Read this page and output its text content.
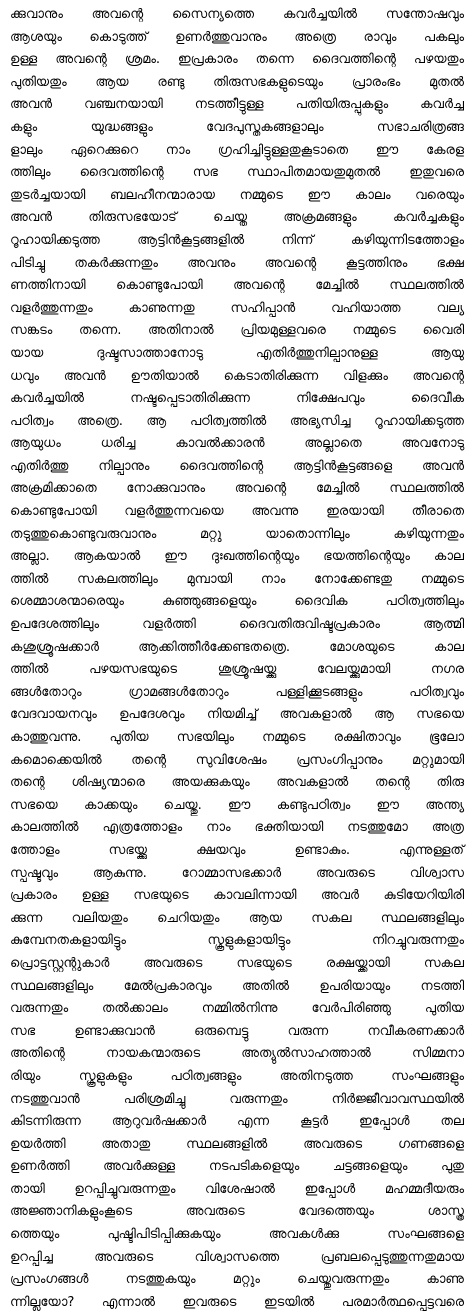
ക്കുവാനും അവന്റെ സൈന്യത്തെ കവർച്ചയിൽ സന്തോഷവും
ആശയും കൊടുത്ത് ഉണർത്തുവാനും അത്രെ രാവും പകലും
ഉള്ള അവന്റെ ശ്രമം. ഇപ്രകാരം തന്നെ ദൈവത്തിന്റെ പഴയതും
പുതിയതും ആയ രണ്ടു തിരുസഭകളുടെയും പ്രാരംഭം മുതൽ
അവൻ വഞ്ചനയായി നടത്തീട്ടുള്ള പതിയിരുപ്പുകളും കവർച്ച
കളും യുദ്ധങ്ങളും വേദപുസ്തകങ്ങളാലും സഭാചരിത്രങ്ങ
ളാലും ഏറെക്കുറെ നാം ഗ്രഹിച്ചിട്ടുള്ളതുകൂടാതെ ഈ കേരള
ത്തിലും ദൈവത്തിന്റെ സഭ സ്ഥാപിതമായതുമുതൽ ഇതുവരെ
തുടർച്ചയായി ബലഹീനന്മാരായ നമ്മുടെ ഈ കാലം വരെയും
അവൻ തിരുസഭയോട് ചെയ്ത അക്രമങ്ങളും കവർച്ചകളും
റൂഹായിക്കടുത്ത ആട്ടിൻകൂട്ടങ്ങളിൽ നിന്ന് കഴിയുന്നിടത്തോളം
പിടിച്ചു തകർക്കുന്നതും അവനും അവന്റെ കൂട്ടത്തിനും ഭക്ഷ
ണത്തിനായി കൊണ്ടുപോയി അവന്റെ മേച്ചിൽ സ്ഥലത്തിൽ
വളർത്തുന്നതും കാണുന്നതു സഹിപ്പാൻ വഹിയാത്ത വല്യ
സങ്കടം തന്നെ. അതിനാൽ പ്രിയമുള്ളവരെ നമ്മുടെ വൈരി
യായ ദുഷ്ടസാത്താനോടു എതിർത്തുനില്പാനുള്ള ആയു
ധവും അവൻ ഊതിയാൽ കെടാതിരിക്കുന്ന വിളക്കും അവന്റെ
കവർച്ചയിൽ നഷ്ടപ്പെടാതിരിക്കുന്ന നിക്ഷേപവും ദൈവീക
പഠിത്വം അത്രെ. ആ പഠിത്വത്തിൽ അഭ്യസിച്ച റൂഹായിക്കടുത്ത
ആയുധം ധരിച്ച കാവൽക്കാരൻ അല്ലാതെ അവനോടു
എതിർത്തു നില്പാനും ദൈവത്തിന്റെ ആട്ടിൻകൂട്ടങ്ങളെ അവൻ
അക്രമിക്കാതെ നോക്കുവാനും അവന്റെ മേച്ചിൽ സ്ഥലത്തിൽ
കൊണ്ടുപോയി വളർത്തുന്നവയെ അവന്നു ഇരയായി തീരാതെ
തടുത്തുകൊണ്ടുവരുവാനും മറ്റു യാതൊന്നിലും കഴിയുന്നതും
അല്ലാ. ആകയാൽ ഈ ദുഃഖത്തിന്റെയും ഭയത്തിന്റെയും കാല
ത്തിൽ സകലത്തിലും മുമ്പായി നാം നോക്കേണ്ടതു നമ്മുടെ
ശെമ്മാശന്മാരെയും കുഞ്ഞുങ്ങളെയും ദൈവിക പഠിത്വത്തിലും
ഉപദേശത്തിലും വളർത്തി ദൈവതിരുവിഷ്ടപ്രകാരം ആത്മി
കശുശ്രൂഷക്കാർ ആക്കിത്തീർക്കേണ്ടതത്രെ. മോശയുടെ കാല
ത്തിൽ പഴയസഭയുടെ ശുശ്രൂഷയ്ക്കു വേലയ്ക്കുമായി നഗര
ങ്ങൾതോറും ഗ്രാമങ്ങൾതോറും പള്ളിക്കൂടങ്ങളും പഠിത്വവും
വേദവായനവും ഉപദേശവും നിയമിച്ച് അവകളാൽ ആ സഭയെ
കാത്തുവന്നു. പുതിയ സഭയിലും നമ്മുടെ രക്ഷിതാവും ഭൂലോ
കമൊക്കെയിൽ തന്റെ സുവിശേഷം പ്രസംഗിപ്പാനും മറ്റുമായി
തന്റെ ശിഷ്യന്മാരെ അയക്കുകയും അവകളാൽ തന്റെ തിരു
സഭയെ കാക്കയും ചെയ്തു. ഈ കണ്ടുപഠിത്വം ഈ അന്ത്യ
കാലത്തിൽ എത്രത്തോളം നാം ഭക്തിയായി നടത്തുമോ അത്ര
ത്തോളം സഭയ്ക്കു ക്ഷയവും ഉണ്ടാകും. എന്നുള്ളത്
സ്പഷ്ടവും ആകുന്നു. റോമ്മാസഭക്കാർ അവരുടെ വിശ്വാസ
പ്രകാരം ഉള്ള സഭയുടെ കാവലിന്നായി അവർ കുടിയേറിയിരി
ക്കുന്ന വലിയതും ചെറിയതും ആയ സകല സ്ഥലങ്ങളിലും
കുമ്പേനതകളായിട്ടും സ്കൂളുകളായിട്ടും നിറച്ചുവരുന്നതും
പ്രൊട്ടസ്റ്റന്റുകാർ അവരുടെ സഭയുടെ രക്ഷയ്ക്കായി സകല
സ്ഥലങ്ങളിലും മേൽപ്രകാരവും അതിൽ ഉപരിയായും നടത്തി
വരുന്നതും തൽക്കാലം നമ്മിൽനിന്നു വേർപിരിഞ്ഞു പുതിയ
സഭ ഉണ്ടാക്കുവാൻ ഒരുമ്പെട്ടു വരുന്ന നവീകരണക്കാർ
അതിന്റെ നായകന്മാരുടെ അത്യുൽസാഹത്താൽ സിമ്മനാ
രിയും സ്കൂളുകളും പഠിത്വങ്ങളും അതിനടുത്ത സംഘങ്ങളും
നടത്തുവാൻ പരിശ്രമിച്ചു വരുന്നതും നിർജ്ജീവാവസ്ഥയിൽ
കിടന്നിരുന്ന ആറുവർഷക്കാർ എന്ന കൂട്ടർ ഇപ്പോൾ തല
ഉയർത്തി അതാതു സ്ഥലങ്ങളിൽ അവരുടെ ഗണങ്ങളെ
ഉണർത്തി അവർക്കുള്ള നടപടികളെയും ചട്ടങ്ങളെയും പുതു
തായി ഉറപ്പിച്ചുവരുന്നതും വിശേഷാൽ ഇപ്പോൾ മഹമ്മദീയരും
അജ്ഞാനികളുംകൂടെ അവരുടെ വേദത്തെയും ശാസ്ത്ര
ത്തെയും പുഷ്ടിപിടിപ്പിക്കുകയും അവകൾക്കു സംഘങ്ങളെ
ഉറപ്പിച്ച അവരുടെ വിശ്വാസത്തെ പ്രബലപ്പെടുത്തുന്നതുമായ
പ്രസംഗങ്ങൾ നടത്തുകയും മറ്റും ചെയ്തുവരുന്നതും കാണു
ന്നില്ലയോ? എന്നാൽ ഇവരുടെ ഇടയിൽ പരമാർത്ഥപ്പെട്ടവരെ
